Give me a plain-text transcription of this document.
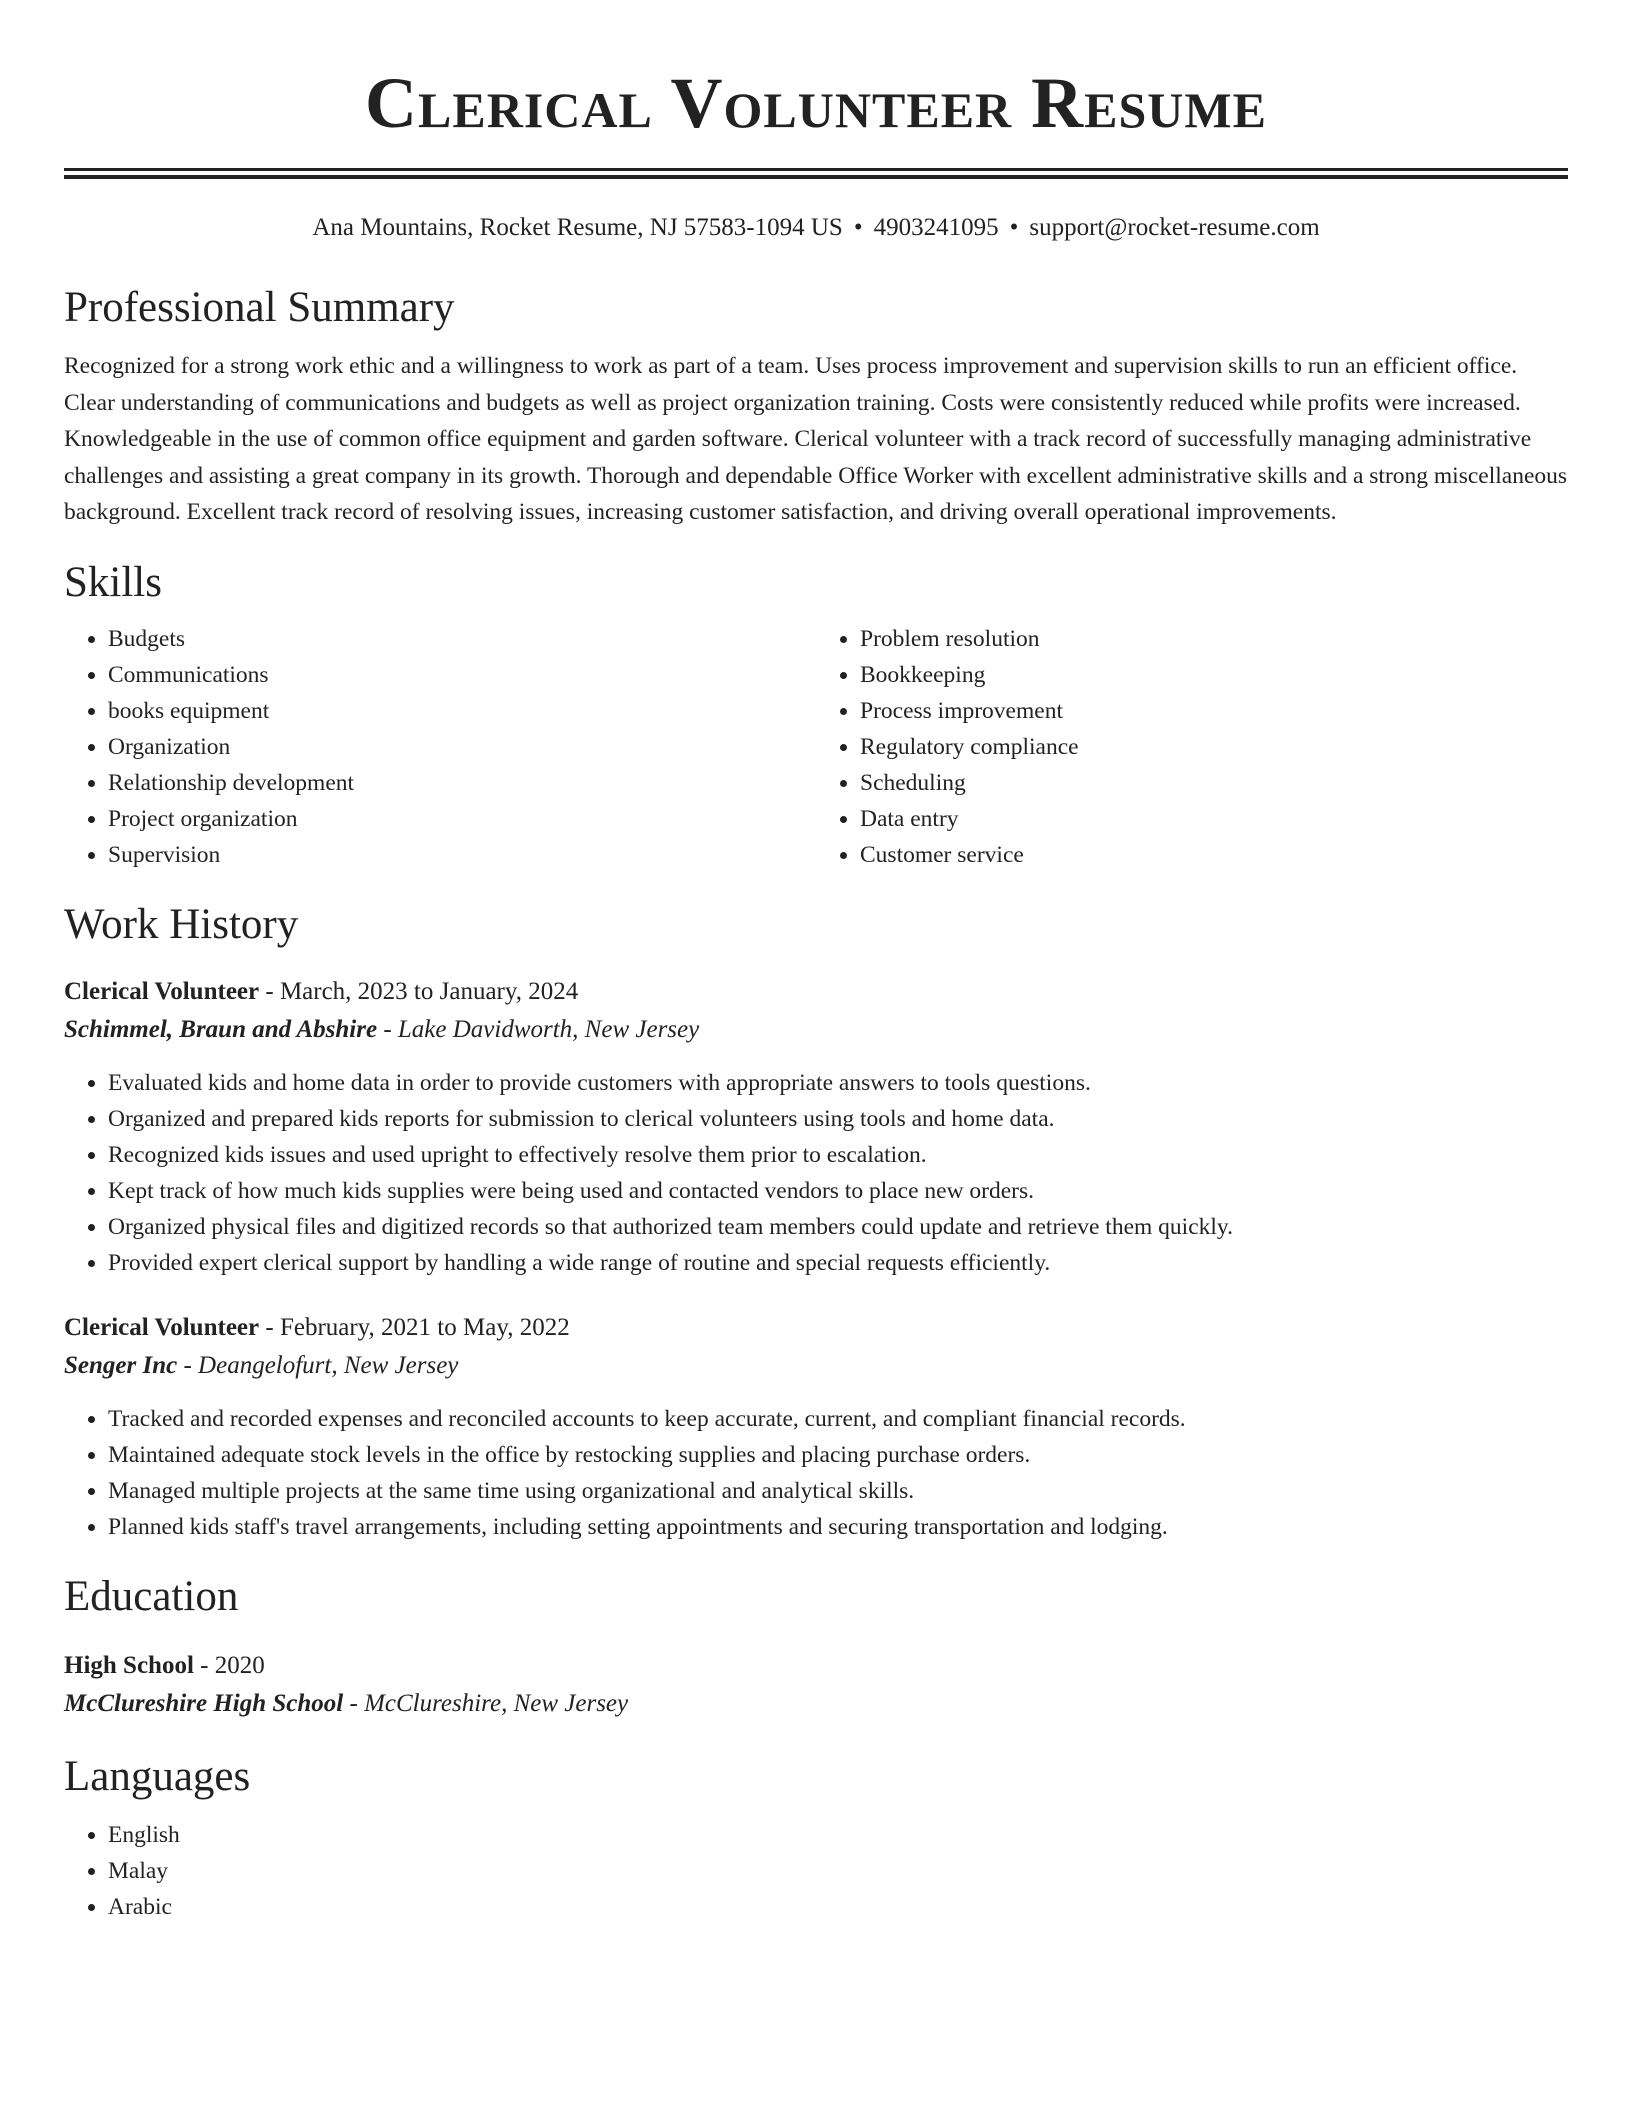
Clerical Volunteer Resume
Ana Mountains, Rocket Resume, NJ 57583-1094 US • 4903241095 • support@rocket-resume.com
Professional Summary

Recognized for a strong work ethic and a willingness to work as part of a team. Uses process improvement and supervision skills to run an efficient office. Clear understanding of communications and budgets as well as project organization training. Costs were consistently reduced while profits were increased. Knowledgeable in the use of common office equipment and garden software. Clerical volunteer with a track record of successfully managing administrative challenges and assisting a great company in its growth. Thorough and dependable Office Worker with excellent administrative skills and a strong miscellaneous background. Excellent track record of resolving issues, increasing customer satisfaction, and driving overall operational improvements.

Skills
• Budgets
• Communications
• books equipment
• Organization
• Relationship development
• Project organization
• Supervision
• Problem resolution
• Bookkeeping
• Process improvement
• Regulatory compliance
• Scheduling
• Data entry
• Customer service
Work History
Clerical Volunteer - March, 2023 to January, 2024
Schimmel, Braun and Abshire - Lake Davidworth, New Jersey
• Evaluated kids and home data in order to provide customers with appropriate answers to tools questions.
• Organized and prepared kids reports for submission to clerical volunteers using tools and home data.
• Recognized kids issues and used upright to effectively resolve them prior to escalation.
• Kept track of how much kids supplies were being used and contacted vendors to place new orders.
• Organized physical files and digitized records so that authorized team members could update and retrieve them quickly.
• Provided expert clerical support by handling a wide range of routine and special requests efficiently.
Clerical Volunteer - February, 2021 to May, 2022
Senger Inc - Deangelofurt, New Jersey
• Tracked and recorded expenses and reconciled accounts to keep accurate, current, and compliant financial records.
• Maintained adequate stock levels in the office by restocking supplies and placing purchase orders.
• Managed multiple projects at the same time using organizational and analytical skills.
• Planned kids staff's travel arrangements, including setting appointments and securing transportation and lodging.
Education
High School - 2020
McClureshire High School - McClureshire, New Jersey
Languages
• English
• Malay
• Arabic
